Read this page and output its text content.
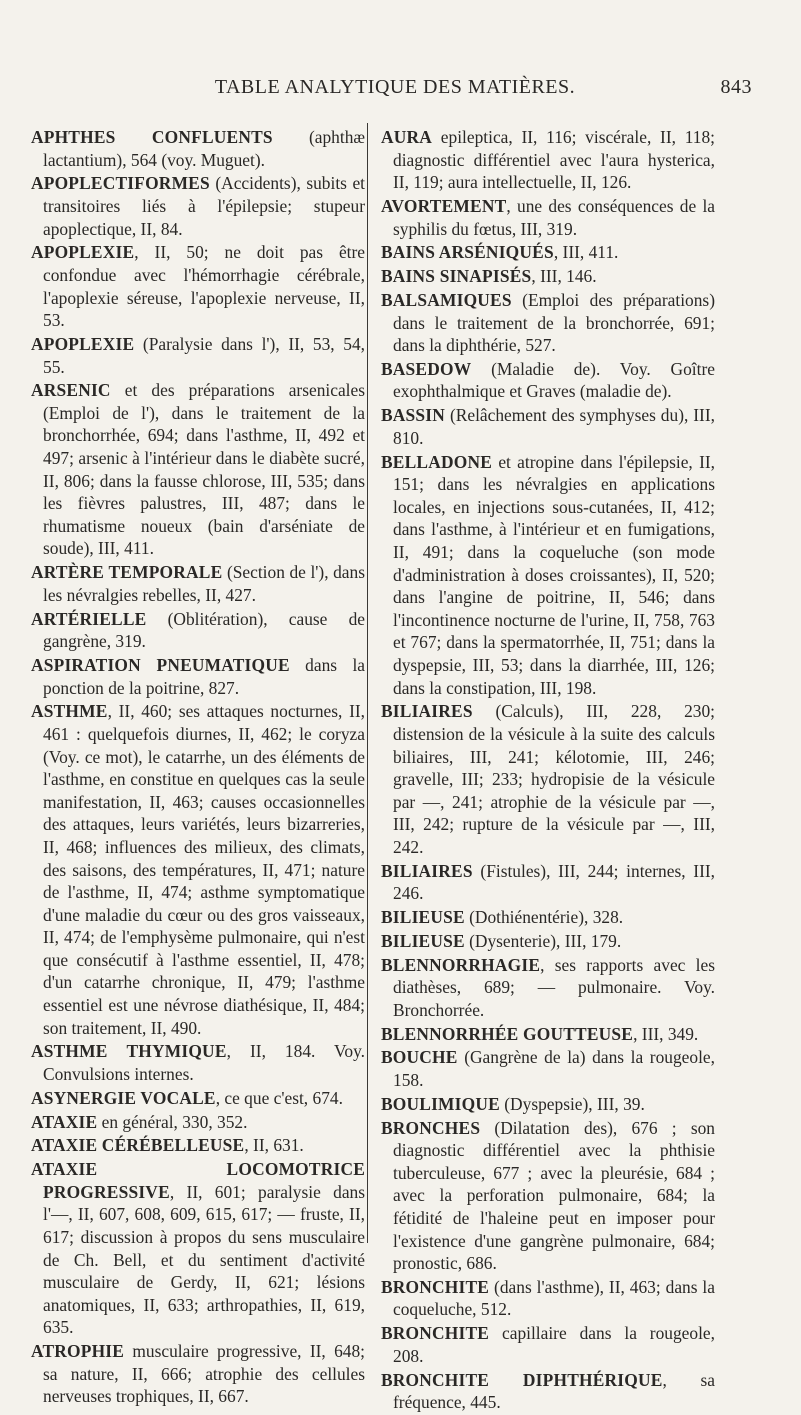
TABLE ANALYTIQUE DES MATIÈRES.	843

APHTHES CONFLUENTS (aphthæ lactantium), 564 (voy. Muguet).

APOPLECTIFORMES (Accidents), subits et transitoires liés à l'épilepsie; stupeur apoplectique, II, 84.

APOPLEXIE, II, 50; ne doit pas être confondue avec l'hémorrhagie cérébrale, l'apoplexie séreuse, l'apoplexie nerveuse, II, 53.

APOPLEXIE (Paralysie dans l'), II, 53, 54, 55.

ARSENIC et des préparations arsenicales (Emploi de l'), dans le traitement de la bronchorrhée, 694; dans l'asthme, II, 492 et 497; arsenic à l'intérieur dans le diabète sucré, II, 806; dans la fausse chlorose, III, 535; dans les fièvres palustres, III, 487; dans le rhumatisme noueux (bain d'arséniate de soude), III, 411.

ARTÈRE TEMPORALE (Section de l'), dans les névralgies rebelles, II, 427.

ARTÉRIELLE (Oblitération), cause de gangrène, 319.

ASPIRATION PNEUMATIQUE dans la ponction de la poitrine, 827.

ASTHME, II, 460; ses attaques nocturnes, II, 461 : quelquefois diurnes, II, 462; le coryza (Voy. ce mot), le catarrhe, un des éléments de l'asthme, en constitue en quelques cas la seule manifestation, II, 463; causes occasionnelles des attaques, leurs variétés, leurs bizarreries, II, 468; influences des milieux, des climats, des saisons, des températures, II, 471; nature de l'asthme, II, 474; asthme symptomatique d'une maladie du cœur ou des gros vaisseaux, II, 474; de l'emphysème pulmonaire, qui n'est que consécutif à l'asthme essentiel, II, 478; d'un catarrhe chronique, II, 479; l'asthme essentiel est une névrose diathésique, II, 484; son traitement, II, 490.

ASTHME THYMIQUE, II, 184. Voy. Convulsions internes.

ASYNERGIE VOCALE, ce que c'est, 674.

ATAXIE en général, 330, 352.

ATAXIE CÉRÉBELLEUSE, II, 631.

ATAXIE LOCOMOTRICE PROGRESSIVE, II, 601; paralysie dans l'—, II, 607, 608, 609, 615, 617; — fruste, II, 617; discussion à propos du sens musculaire de Ch. Bell, et du sentiment d'activité musculaire de Gerdy, II, 621; lésions anatomiques, II, 633; arthropathies, II, 619, 635.

ATROPHIE musculaire progressive, II, 648; sa nature, II, 666; atrophie des cellules nerveuses trophiques, II, 667.

AURA epileptica, II, 116; viscérale, II, 118; diagnostic différentiel avec l'aura hysterica, II, 119; aura intellectuelle, II, 126.

AVORTEMENT, une des conséquences de la syphilis du fœtus, III, 319.

BAINS ARSÉNIQUÉS, III, 411.

BAINS SINAPISÉS, III, 146.

BALSAMIQUES (Emploi des préparations) dans le traitement de la bronchorrée, 691; dans la diphthérie, 527.

BASEDOW (Maladie de). Voy. Goître exophthalmique et Graves (maladie de).

BASSIN (Relâchement des symphyses du), III, 810.

BELLADONE et atropine dans l'épilepsie, II, 151; dans les névralgies en applications locales, en injections sous-cutanées, II, 412; dans l'asthme, à l'intérieur et en fumigations, II, 491; dans la coqueluche (son mode d'administration à doses croissantes), II, 520; dans l'angine de poitrine, II, 546; dans l'incontinence nocturne de l'urine, II, 758, 763 et 767; dans la spermatorrhée, II, 751; dans la dyspepsie, III, 53; dans la diarrhée, III, 126; dans la constipation, III, 198.

BILIAIRES (Calculs), III, 228, 230; distension de la vésicule à la suite des calculs biliaires, III, 241; kélotomie, III, 246; gravelle, III; 233; hydropisie de la vésicule par —, 241; atrophie de la vésicule par —, III, 242; rupture de la vésicule par —, III, 242.

BILIAIRES (Fistules), III, 244; internes, III, 246.

BILIEUSE (Dothiénentérie), 328.

BILIEUSE (Dysenterie), III, 179.

BLENNORRHAGIE, ses rapports avec les diathèses, 689; — pulmonaire. Voy. Bronchorrée.

BLENNORRHÉE GOUTTEUSE, III, 349.

BOUCHE (Gangrène de la) dans la rougeole, 158.

BOULIMIQUE (Dyspepsie), III, 39.

BRONCHES (Dilatation des), 676 ; son diagnostic différentiel avec la phthisie tuberculeuse, 677 ; avec la pleurésie, 684 ; avec la perforation pulmonaire, 684; la fétidité de l'haleine peut en imposer pour l'existence d'une gangrène pulmonaire, 684; pronostic, 686.

BRONCHITE (dans l'asthme), II, 463; dans la coqueluche, 512.

BRONCHITE capillaire dans la rougeole, 208.

BRONCHITE DIPHTHÉRIQUE, sa fréquence, 445.
